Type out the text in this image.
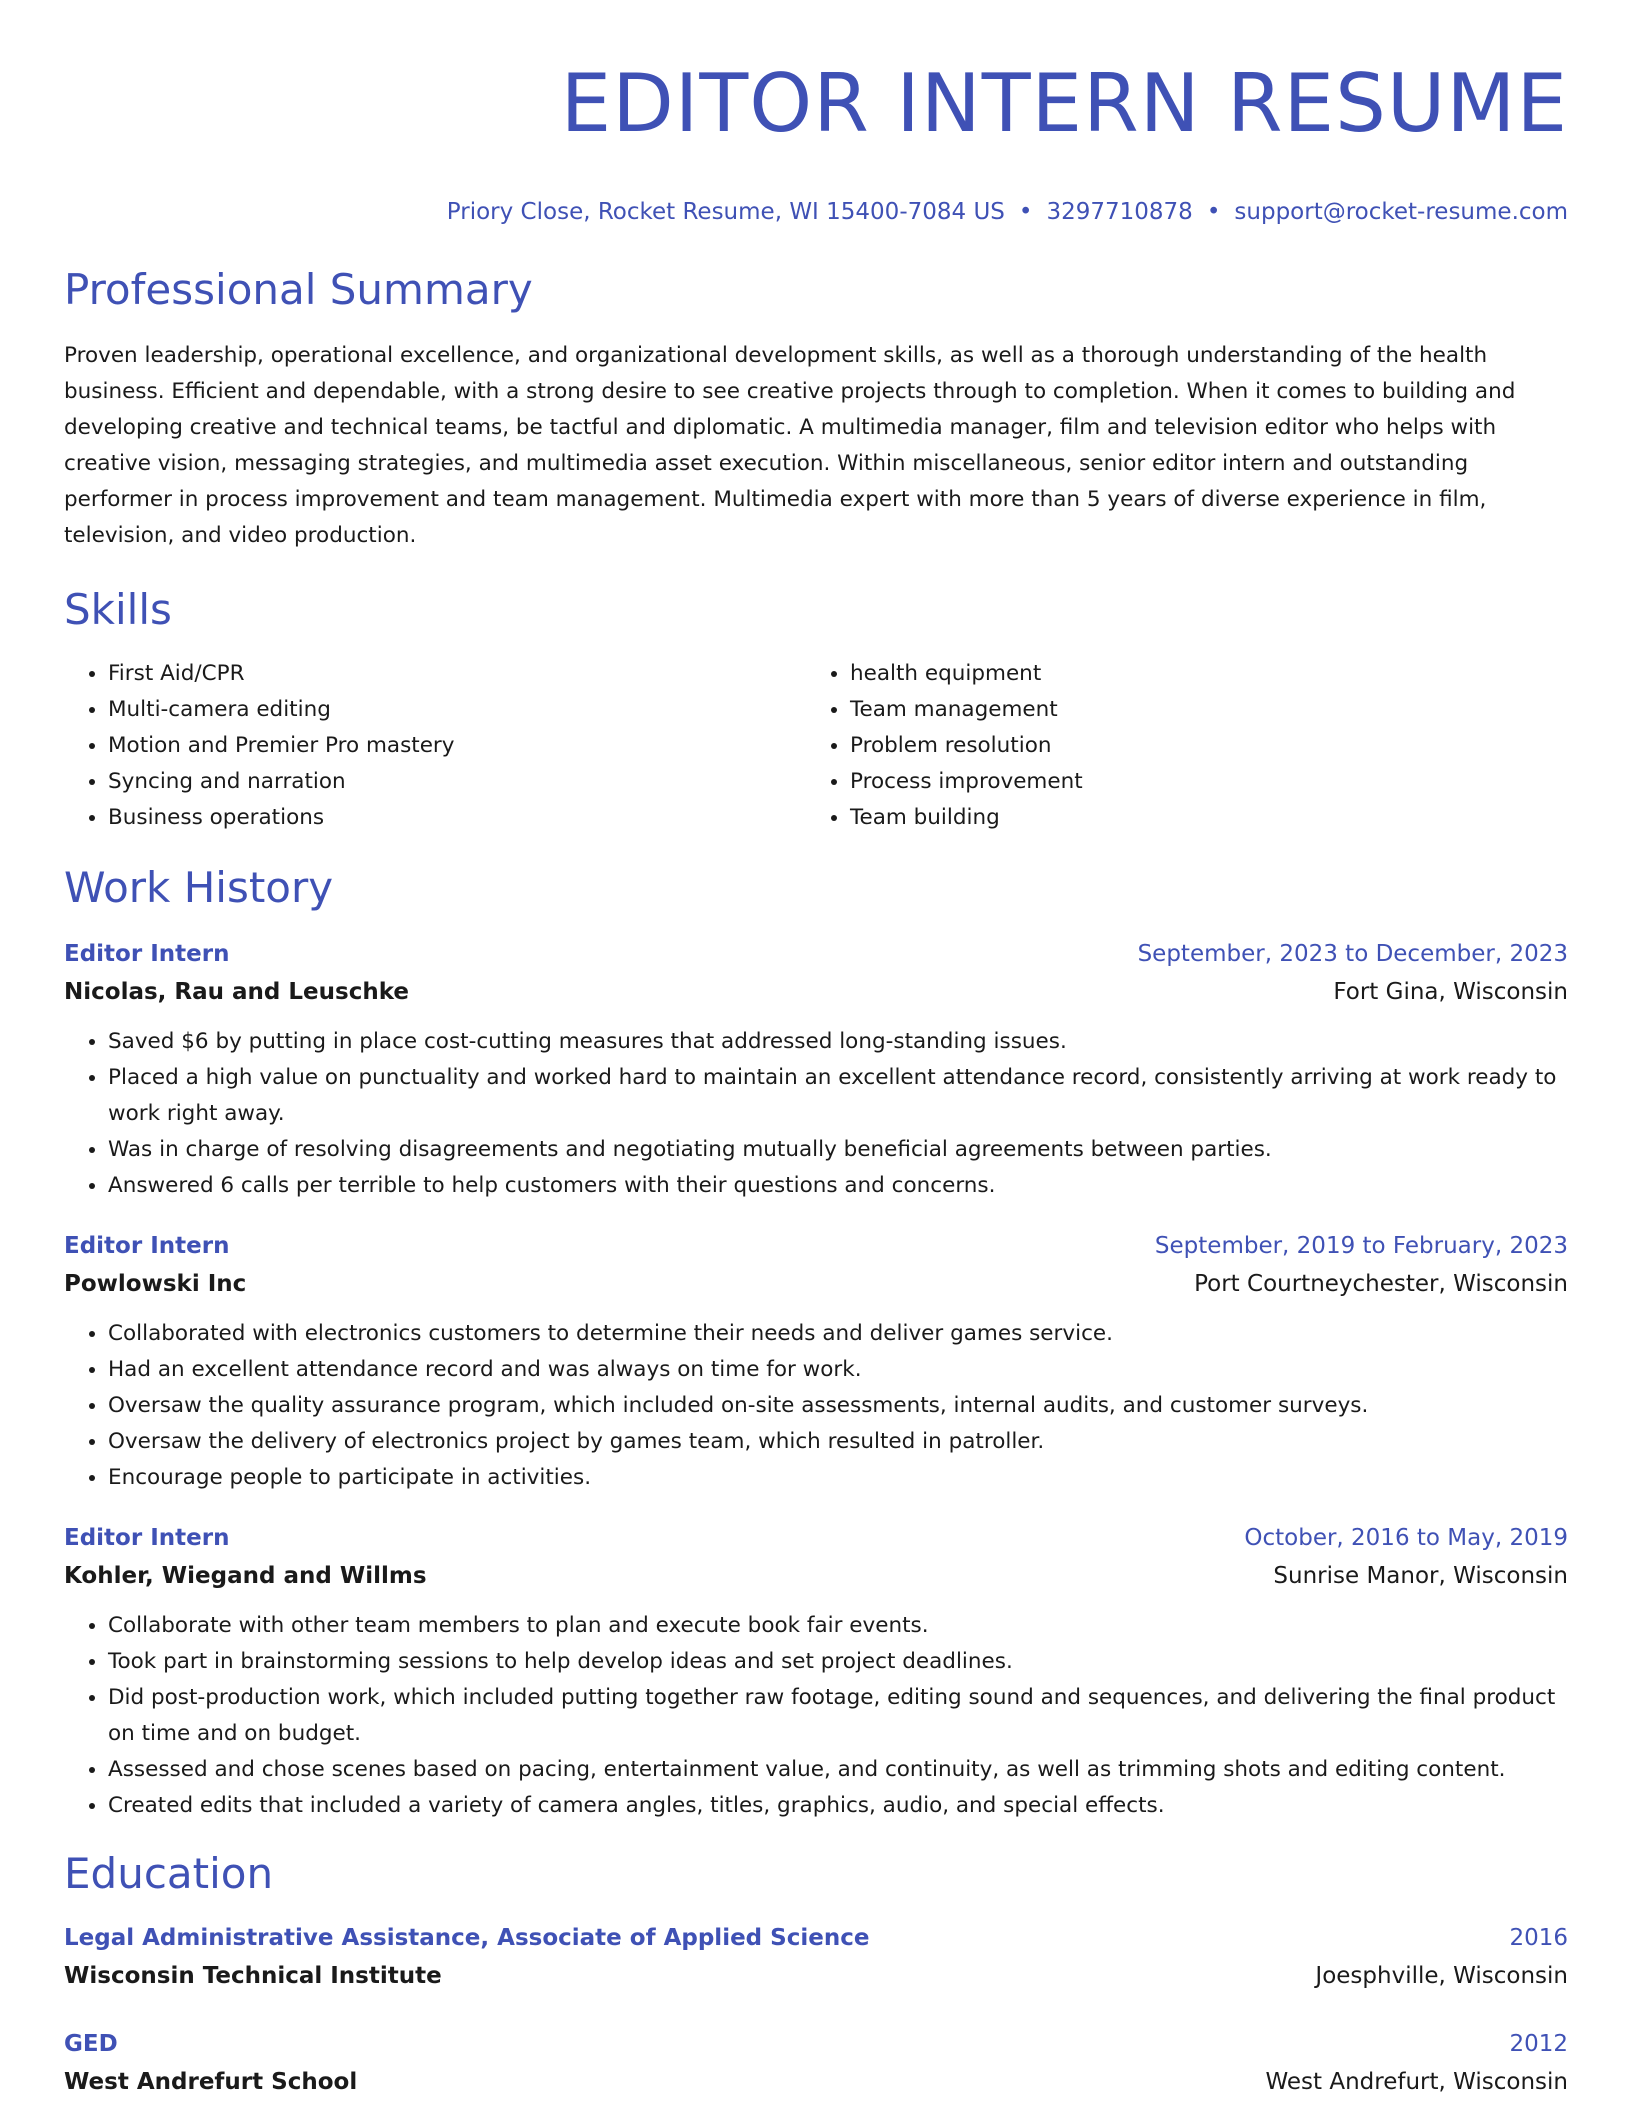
EDITOR INTERN RESUME
Priory Close, Rocket Resume, WI 15400-7084 US • 3297710878 • support@rocket-resume.com
Professional Summary

Proven leadership, operational excellence, and organizational development skills, as well as a thorough understanding of the health business. Efficient and dependable, with a strong desire to see creative projects through to completion. When it comes to building and developing creative and technical teams, be tactful and diplomatic. A multimedia manager, film and television editor who helps with creative vision, messaging strategies, and multimedia asset execution. Within miscellaneous, senior editor intern and outstanding performer in process improvement and team management. Multimedia expert with more than 5 years of diverse experience in film, television, and video production.

Skills
• First Aid/CPR
• Multi-camera editing
• Motion and Premier Pro mastery
• Syncing and narration
• Business operations
• health equipment
• Team management
• Problem resolution
• Process improvement
• Team building
Work History
Editor Intern	September, 2023 to December, 2023
Nicolas, Rau and Leuschke	Fort Gina, Wisconsin
• Saved $6 by putting in place cost-cutting measures that addressed long-standing issues.
• Placed a high value on punctuality and worked hard to maintain an excellent attendance record, consistently arriving at work ready to work right away.
• Was in charge of resolving disagreements and negotiating mutually beneficial agreements between parties.
• Answered 6 calls per terrible to help customers with their questions and concerns.
Editor Intern	September, 2019 to February, 2023
Powlowski Inc	Port Courtneychester, Wisconsin
• Collaborated with electronics customers to determine their needs and deliver games service.
• Had an excellent attendance record and was always on time for work.
• Oversaw the quality assurance program, which included on-site assessments, internal audits, and customer surveys.
• Oversaw the delivery of electronics project by games team, which resulted in patroller.
• Encourage people to participate in activities.
Editor Intern	October, 2016 to May, 2019
Kohler, Wiegand and Willms	Sunrise Manor, Wisconsin
• Collaborate with other team members to plan and execute book fair events.
• Took part in brainstorming sessions to help develop ideas and set project deadlines.
• Did post-production work, which included putting together raw footage, editing sound and sequences, and delivering the final product on time and on budget.
• Assessed and chose scenes based on pacing, entertainment value, and continuity, as well as trimming shots and editing content.
• Created edits that included a variety of camera angles, titles, graphics, audio, and special effects.
Education
Legal Administrative Assistance, Associate of Applied Science	2016
Wisconsin Technical Institute	Joesphville, Wisconsin
GED	2012
West Andrefurt School	West Andrefurt, Wisconsin
